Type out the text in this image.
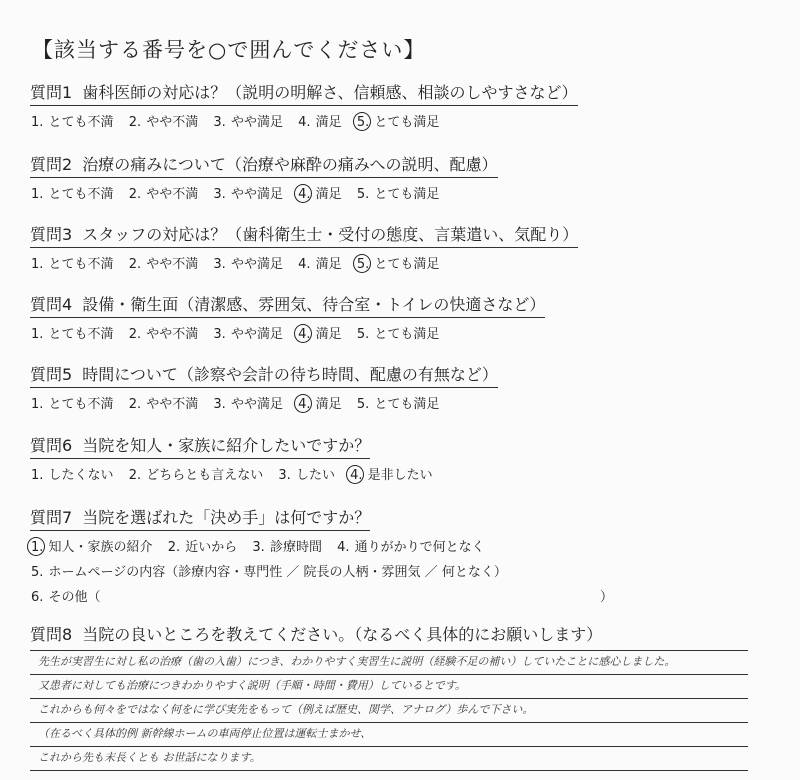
【該当する番号を○で囲んでください】
質問1 歯科医師の対応は？（説明の明解さ、信頼感、相談のしやすさなど）
1. とても不満 2. やや不満 3. やや満足 4. 満足 5. とても満足
質問2 治療の痛みについて（治療や麻酔の痛みへの説明、配慮）
1. とても不満 2. やや不満 3. やや満足 4. 満足 5. とても満足
質問3 スタッフの対応は？（歯科衛生士・受付の態度、言葉遣い、気配り）
1. とても不満 2. やや不満 3. やや満足 4. 満足 5. とても満足
質問4 設備・衛生面（清潔感、雰囲気、待合室・トイレの快適さなど）
1. とても不満 2. やや不満 3. やや満足 4. 満足 5. とても満足
質問5 時間について（診察や会計の待ち時間、配慮の有無など）
1. とても不満 2. やや不満 3. やや満足 4. 満足 5. とても満足
質問6 当院を知人・家族に紹介したいですか？
1. したくない 2. どちらとも言えない 3. したい 4. 是非したい
質問7 当院を選ばれた「決め手」は何ですか？
1. 知人・家族の紹介 2. 近いから 3. 診療時間 4. 通りがかりで何となく
5. ホームページの内容（診療内容・専門性 ／ 院長の人柄・雰囲気 ／ 何となく）
6. その他（	）
質問8 当院の良いところを教えてください。（なるべく具体的にお願いします）
先生が実習生に対し私の治療（歯の入歯）につき、わかりやすく実習生に説明（経験不足の補い）していたことに感心しました。
又患者に対しても治療につきわかりやすく説明（手順・時間・費用）しているとです。
これからも何々をではなく何をに学び実先をもって（例えば歴史、関学、アナログ）歩んで下さい。
（在るべく具体的例 新幹線ホームの車両停止位置は運転士まかせ、
これから先も末長くとも お世話になります。
